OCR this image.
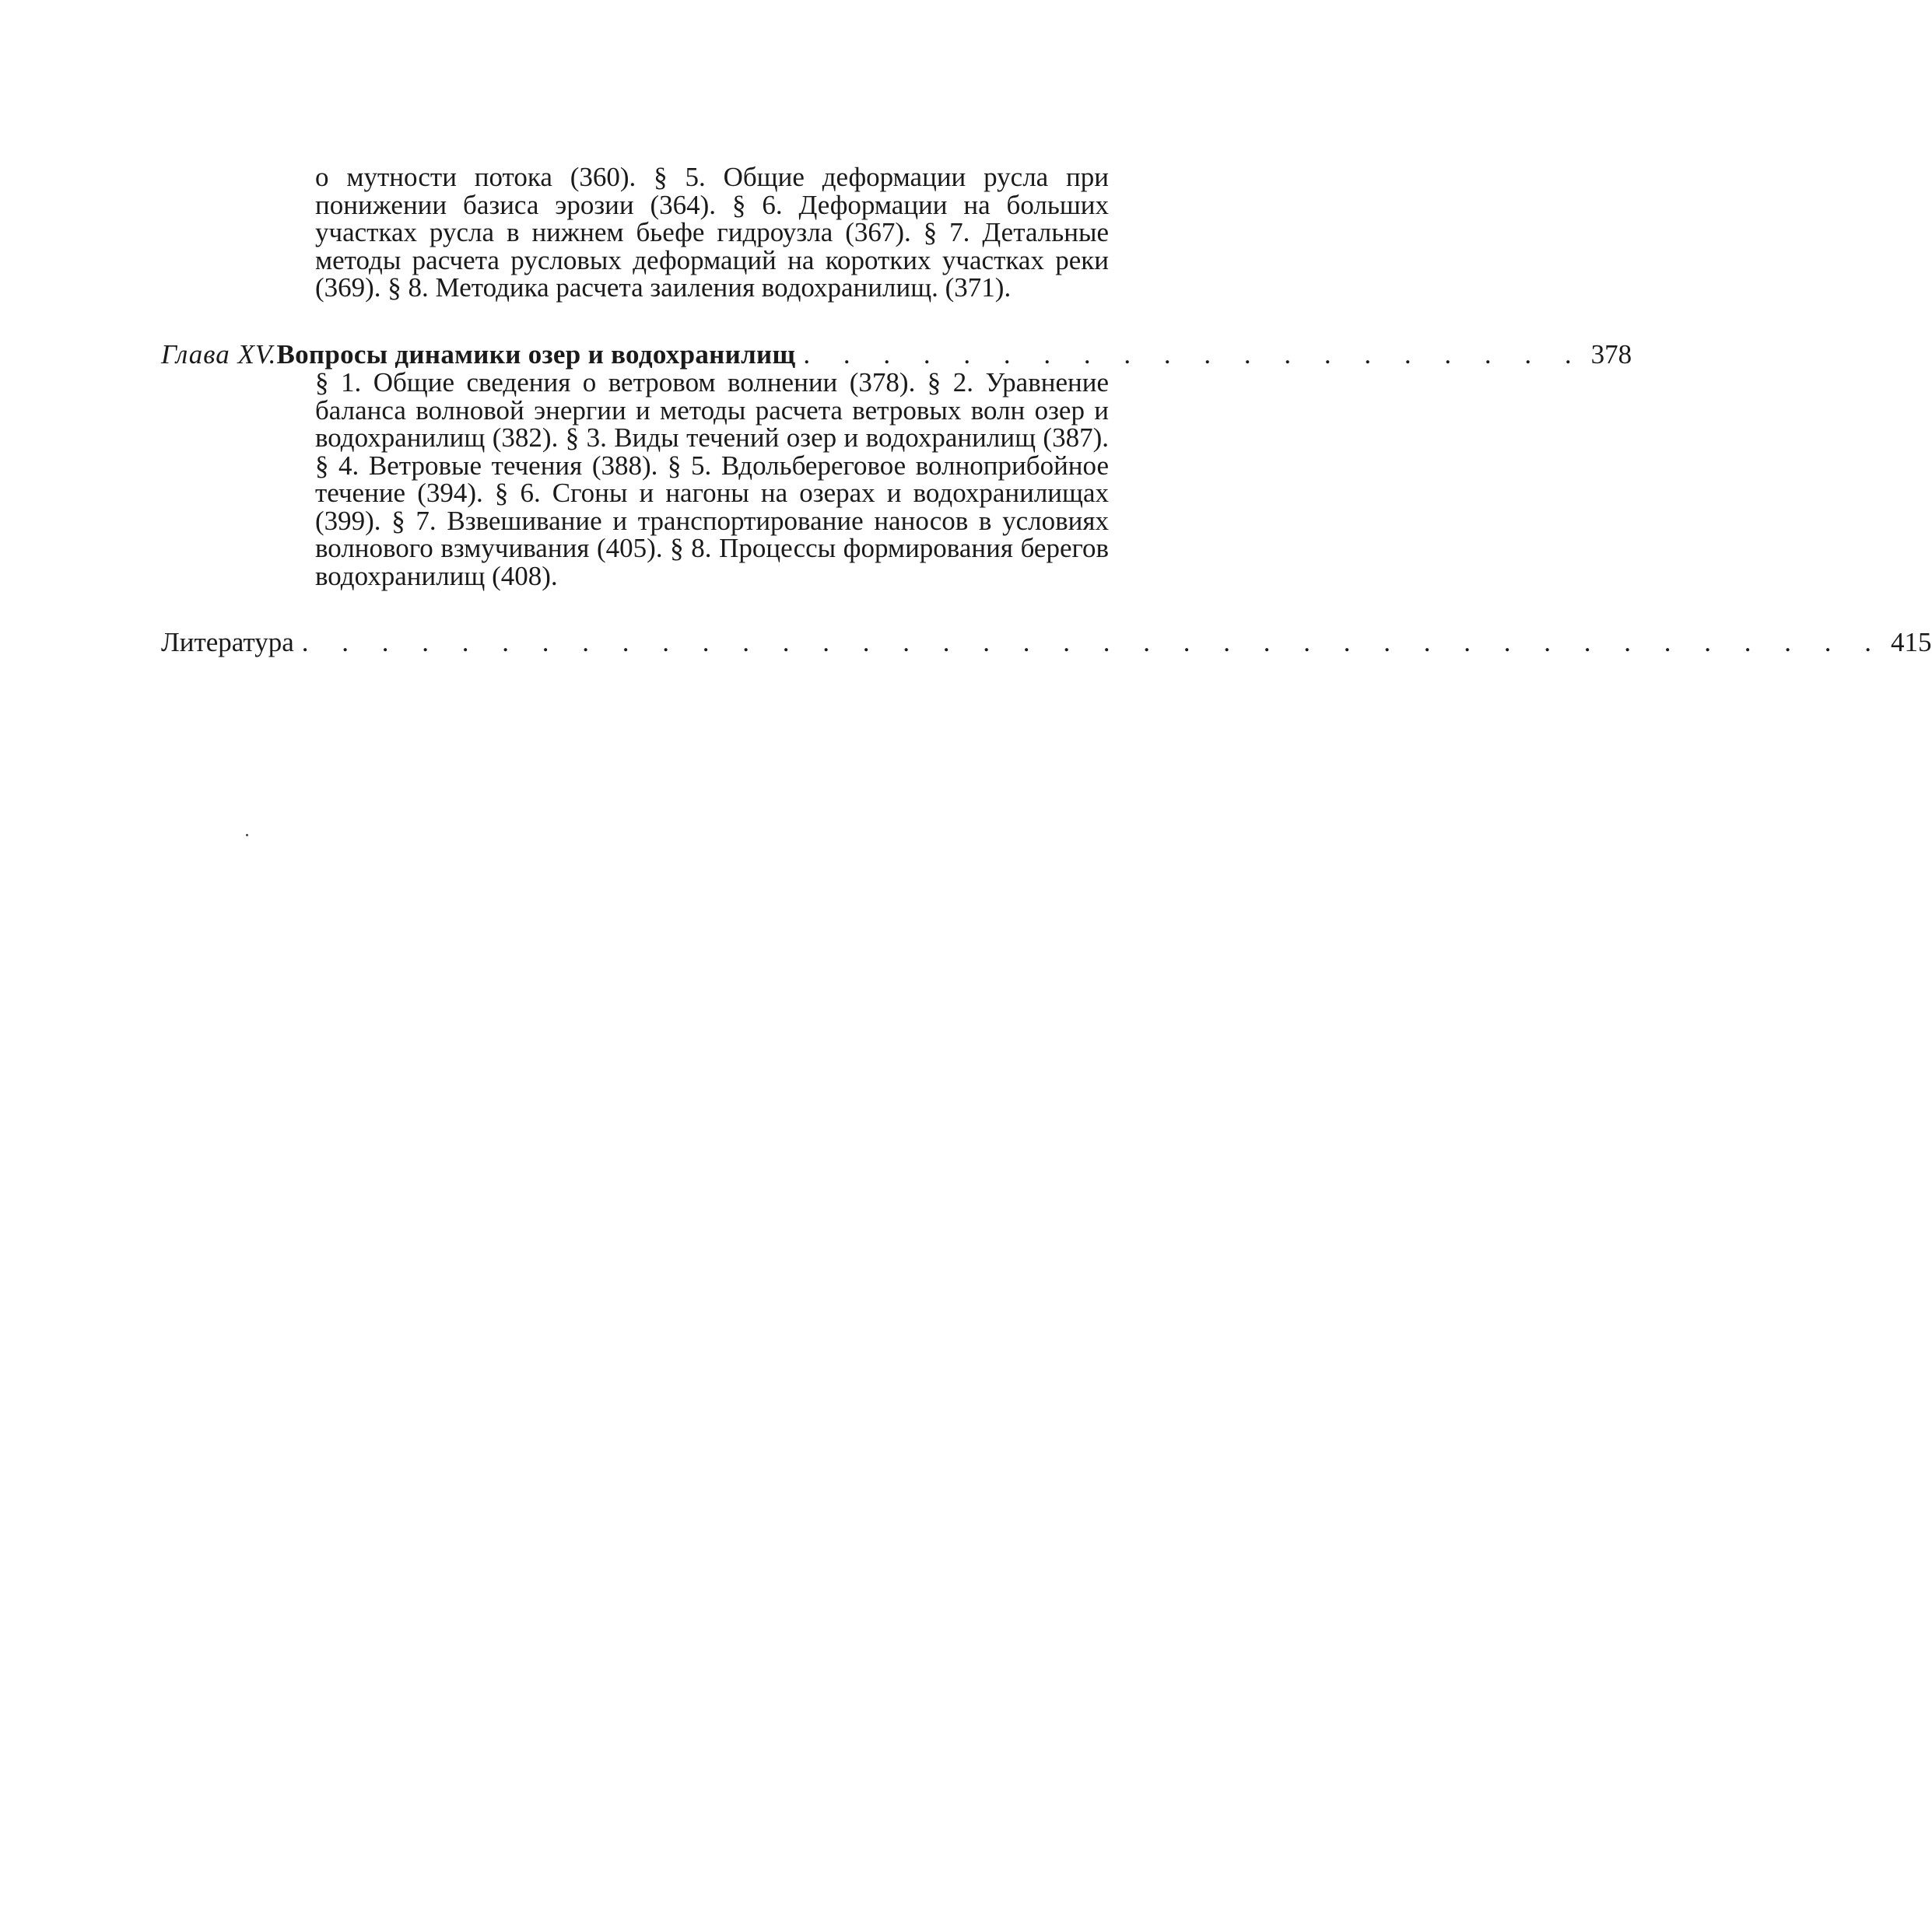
о мутности потока (360). § 5. Общие деформации русла при понижении базиса эрозии (364). § 6. Деформации на больших участках русла в нижнем бьефе гидроузла (367). § 7. Детальные методы расчета русловых деформаций на коротких участках реки (369). § 8. Методика расчета заиления водохранилищ. (371).
Глава XV. Вопросы динамики озер и водохранилищ . . . . . . . . . . . . . . . . . . . . 378
§ 1. Общие сведения о ветровом волнении (378). § 2. Уравнение баланса волновой энергии и методы расчета ветровых волн озер и водохранилищ (382). § 3. Виды течений озер и водохранилищ (387). § 4. Ветровые течения (388). § 5. Вдольбереговое волноприбойное течение (394). § 6. Сгоны и нагоны на озерах и водохранилищах (399). § 7. Взвешивание и транспортирование наносов в условиях волнового взмучивания (405). § 8. Процессы формирования берегов водохранилищ (408).
Литература . . . . . . . . . . . . . . . . . . . . . . . . . . . . . . . . . . . . . . . . 415
